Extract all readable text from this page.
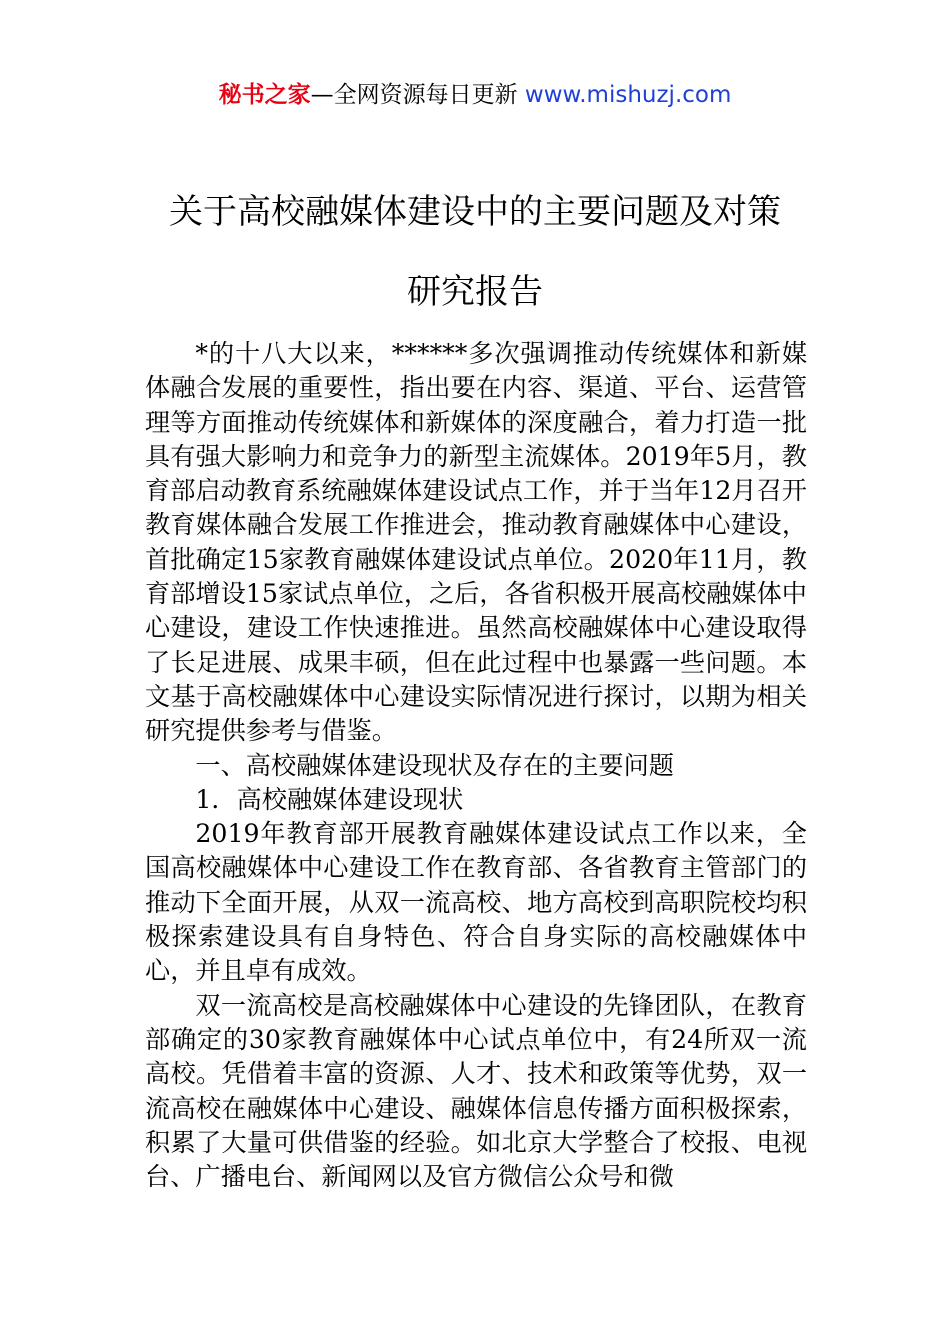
秘书之家—全网资源每日更新 www.mishuzj.com
关于高校融媒体建设中的主要问题及对策
研究报告

*的十八大以来，******多次强调推动传统媒体和新媒体融合发展的重要性，指出要在内容、渠道、平台、运营管理等方面推动传统媒体和新媒体的深度融合，着力打造一批具有强大影响力和竞争力的新型主流媒体。2019年5月，教育部启动教育系统融媒体建设试点工作，并于当年12月召开教育媒体融合发展工作推进会，推动教育融媒体中心建设，首批确定15家教育融媒体建设试点单位。2020年11月，教育部增设15家试点单位，之后，各省积极开展高校融媒体中心建设，建设工作快速推进。虽然高校融媒体中心建设取得了长足进展、成果丰硕，但在此过程中也暴露一些问题。本文基于高校融媒体中心建设实际情况进行探讨，以期为相关研究提供参考与借鉴。

一、高校融媒体建设现状及存在的主要问题

1．高校融媒体建设现状

2019年教育部开展教育融媒体建设试点工作以来，全国高校融媒体中心建设工作在教育部、各省教育主管部门的推动下全面开展，从双一流高校、地方高校到高职院校均积极探索建设具有自身特色、符合自身实际的高校融媒体中心，并且卓有成效。

双一流高校是高校融媒体中心建设的先锋团队，在教育部确定的30家教育融媒体中心试点单位中，有24所双一流高校。凭借着丰富的资源、人才、技术和政策等优势，双一流高校在融媒体中心建设、融媒体信息传播方面积极探索，积累了大量可供借鉴的经验。如北京大学整合了校报、电视台、广播电台、新闻网以及官方微信公众号和微
